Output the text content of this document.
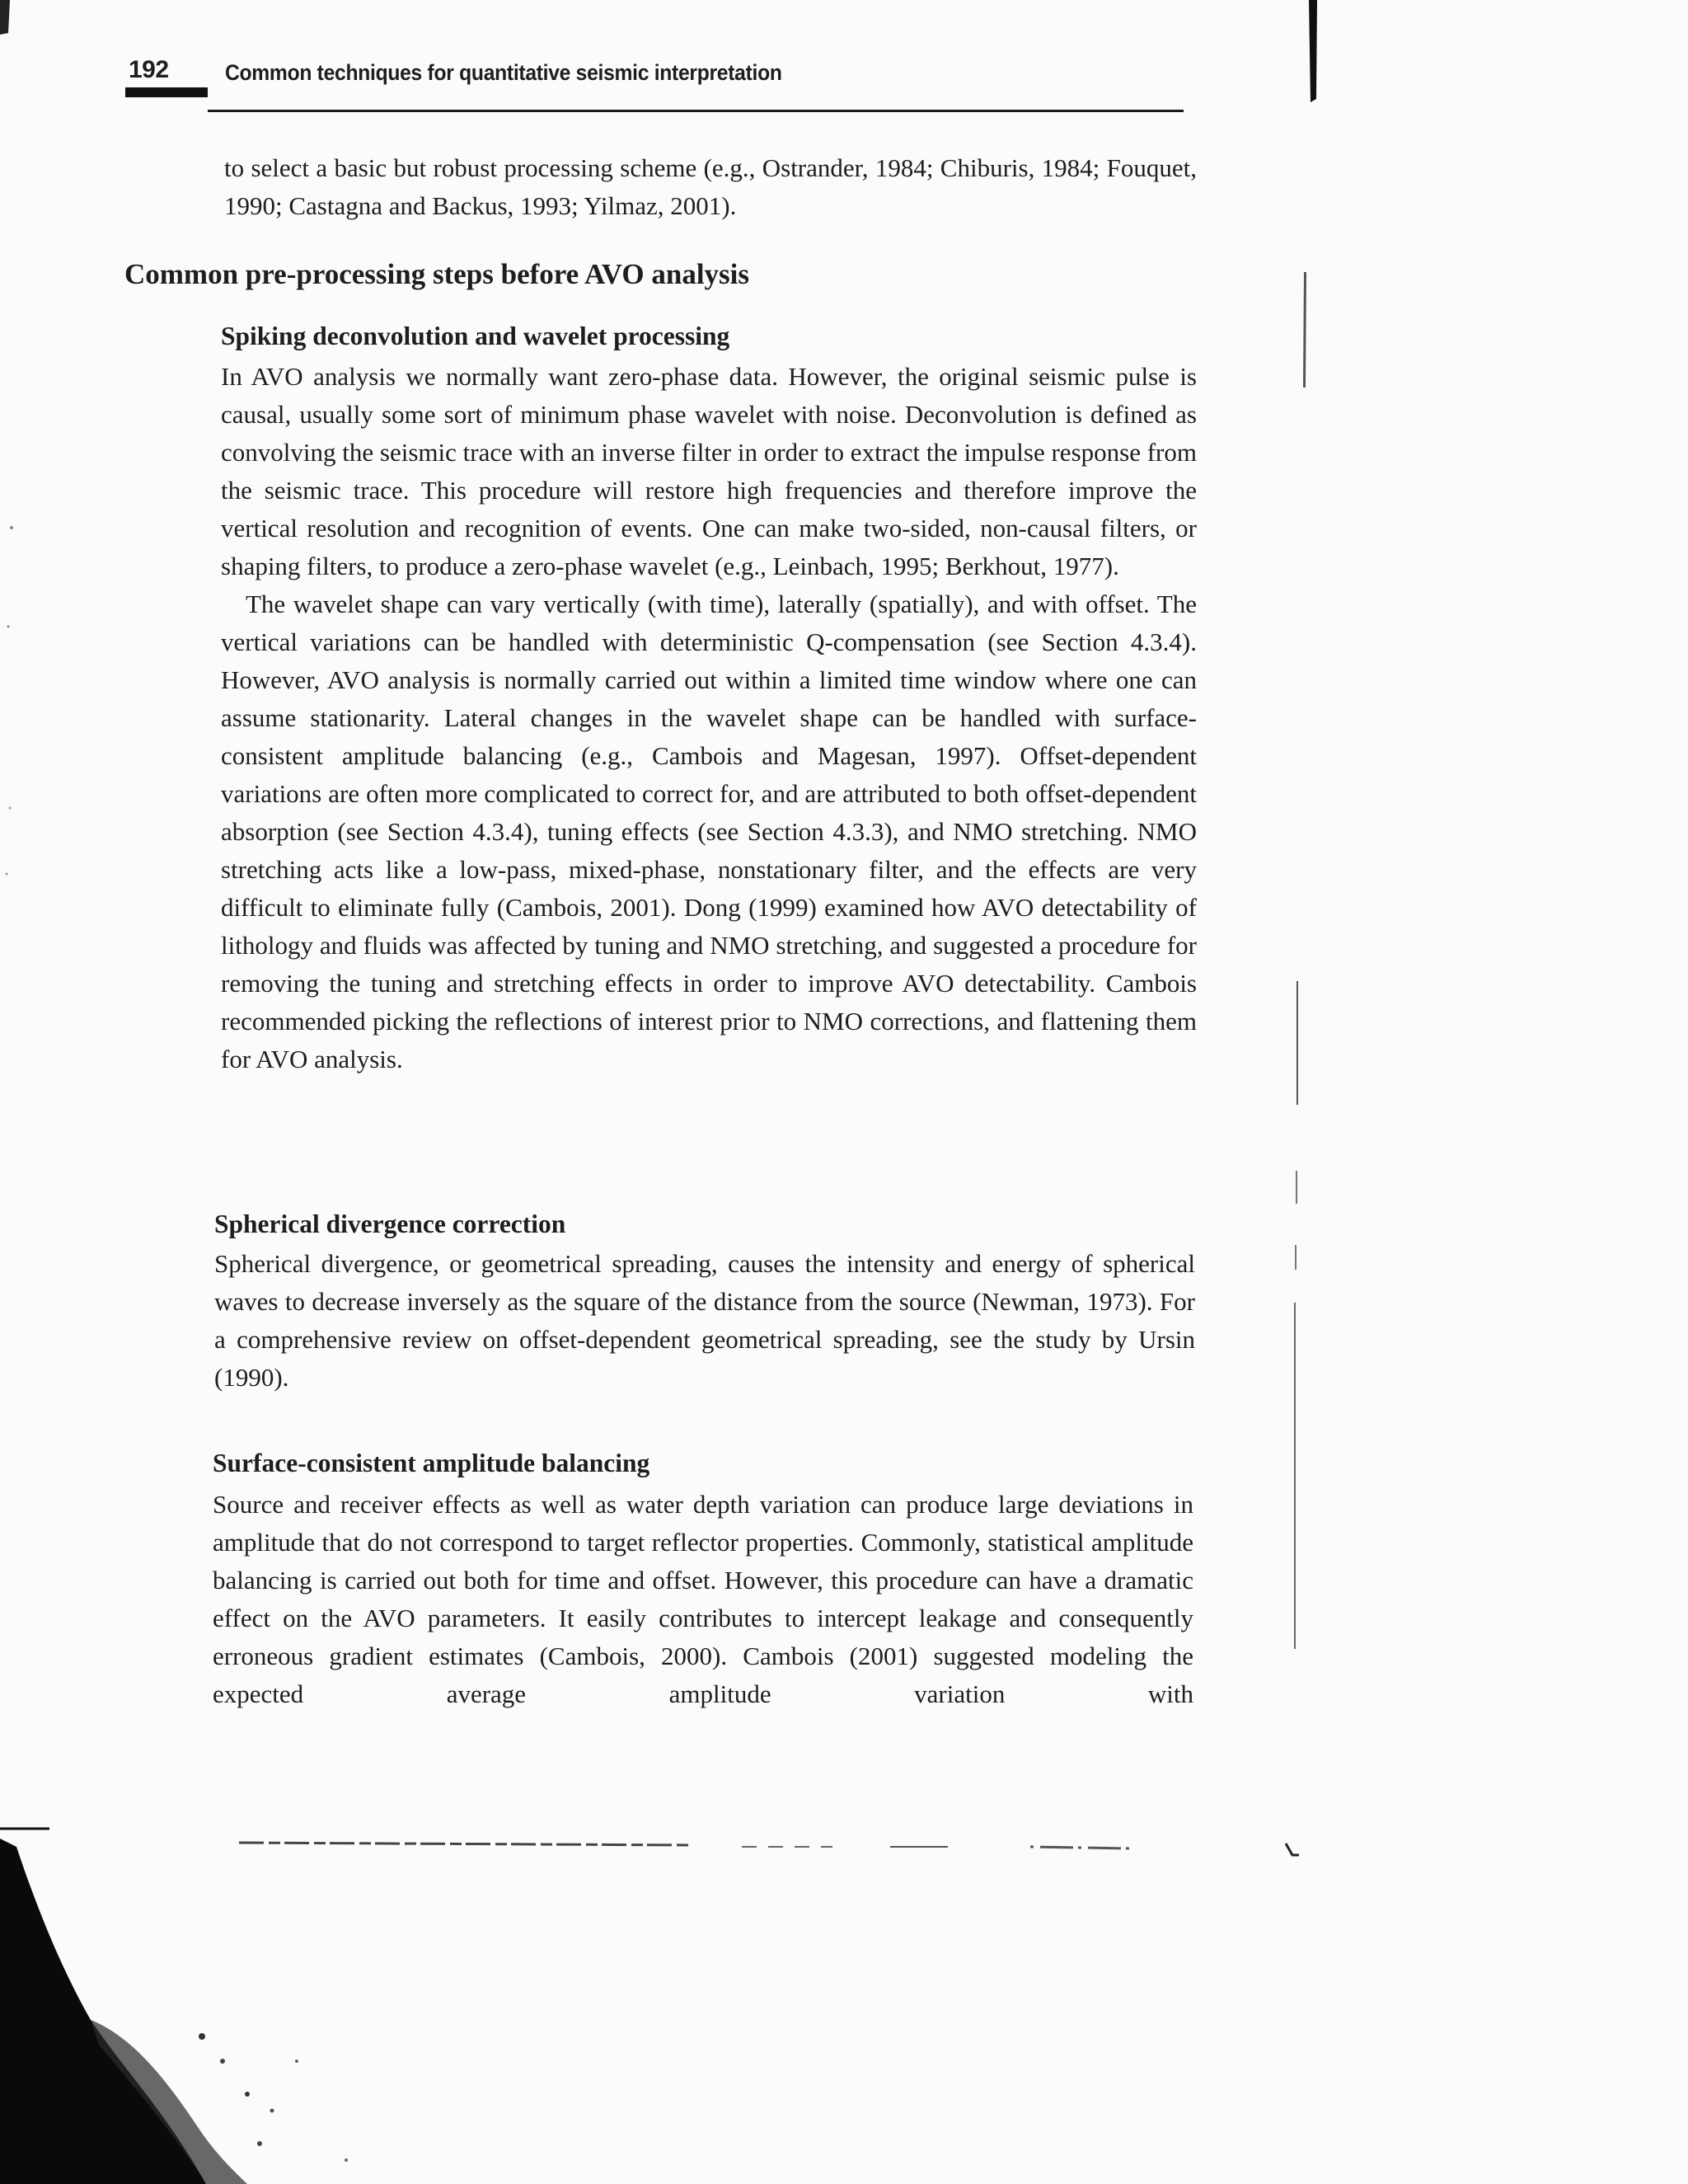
192	Common techniques for quantitative seismic interpretation

to select a basic but robust processing scheme (e.g., Ostrander, 1984; Chiburis, 1984; Fouquet, 1990; Castagna and Backus, 1993; Yilmaz, 2001).

Common pre-processing steps before AVO analysis
Spiking deconvolution and wavelet processing

In AVO analysis we normally want zero-phase data. However, the original seismic pulse is causal, usually some sort of minimum phase wavelet with noise. Deconvolution is defined as convolving the seismic trace with an inverse filter in order to extract the impulse response from the seismic trace. This procedure will restore high frequencies and therefore improve the vertical resolution and recognition of events. One can make two-sided, non-causal filters, or shaping filters, to produce a zero-phase wavelet (e.g., Leinbach, 1995; Berkhout, 1977).

The wavelet shape can vary vertically (with time), laterally (spatially), and with offset. The vertical variations can be handled with deterministic Q-compensation (see Section 4.3.4). However, AVO analysis is normally carried out within a limited time window where one can assume stationarity. Lateral changes in the wavelet shape can be handled with surface-consistent amplitude balancing (e.g., Cambois and Magesan, 1997). Offset-dependent variations are often more complicated to correct for, and are attributed to both offset-dependent absorption (see Section 4.3.4), tuning effects (see Section 4.3.3), and NMO stretching. NMO stretching acts like a low-pass, mixed-phase, nonstationary filter, and the effects are very difficult to eliminate fully (Cambois, 2001). Dong (1999) examined how AVO detectability of lithology and fluids was affected by tuning and NMO stretching, and suggested a procedure for removing the tuning and stretching effects in order to improve AVO detectability. Cambois recommended picking the reflections of interest prior to NMO corrections, and flattening them for AVO analysis.

Spherical divergence correction

Spherical divergence, or geometrical spreading, causes the intensity and energy of spherical waves to decrease inversely as the square of the distance from the source (Newman, 1973). For a comprehensive review on offset-dependent geometrical spreading, see the study by Ursin (1990).

Surface-consistent amplitude balancing

Source and receiver effects as well as water depth variation can produce large deviations in amplitude that do not correspond to target reflector properties. Commonly, statistical amplitude balancing is carried out both for time and offset. However, this procedure can have a dramatic effect on the AVO parameters. It easily contributes to intercept leakage and consequently erroneous gradient estimates (Cambois, 2000). Cambois (2001) suggested modeling the expected average amplitude variation with
